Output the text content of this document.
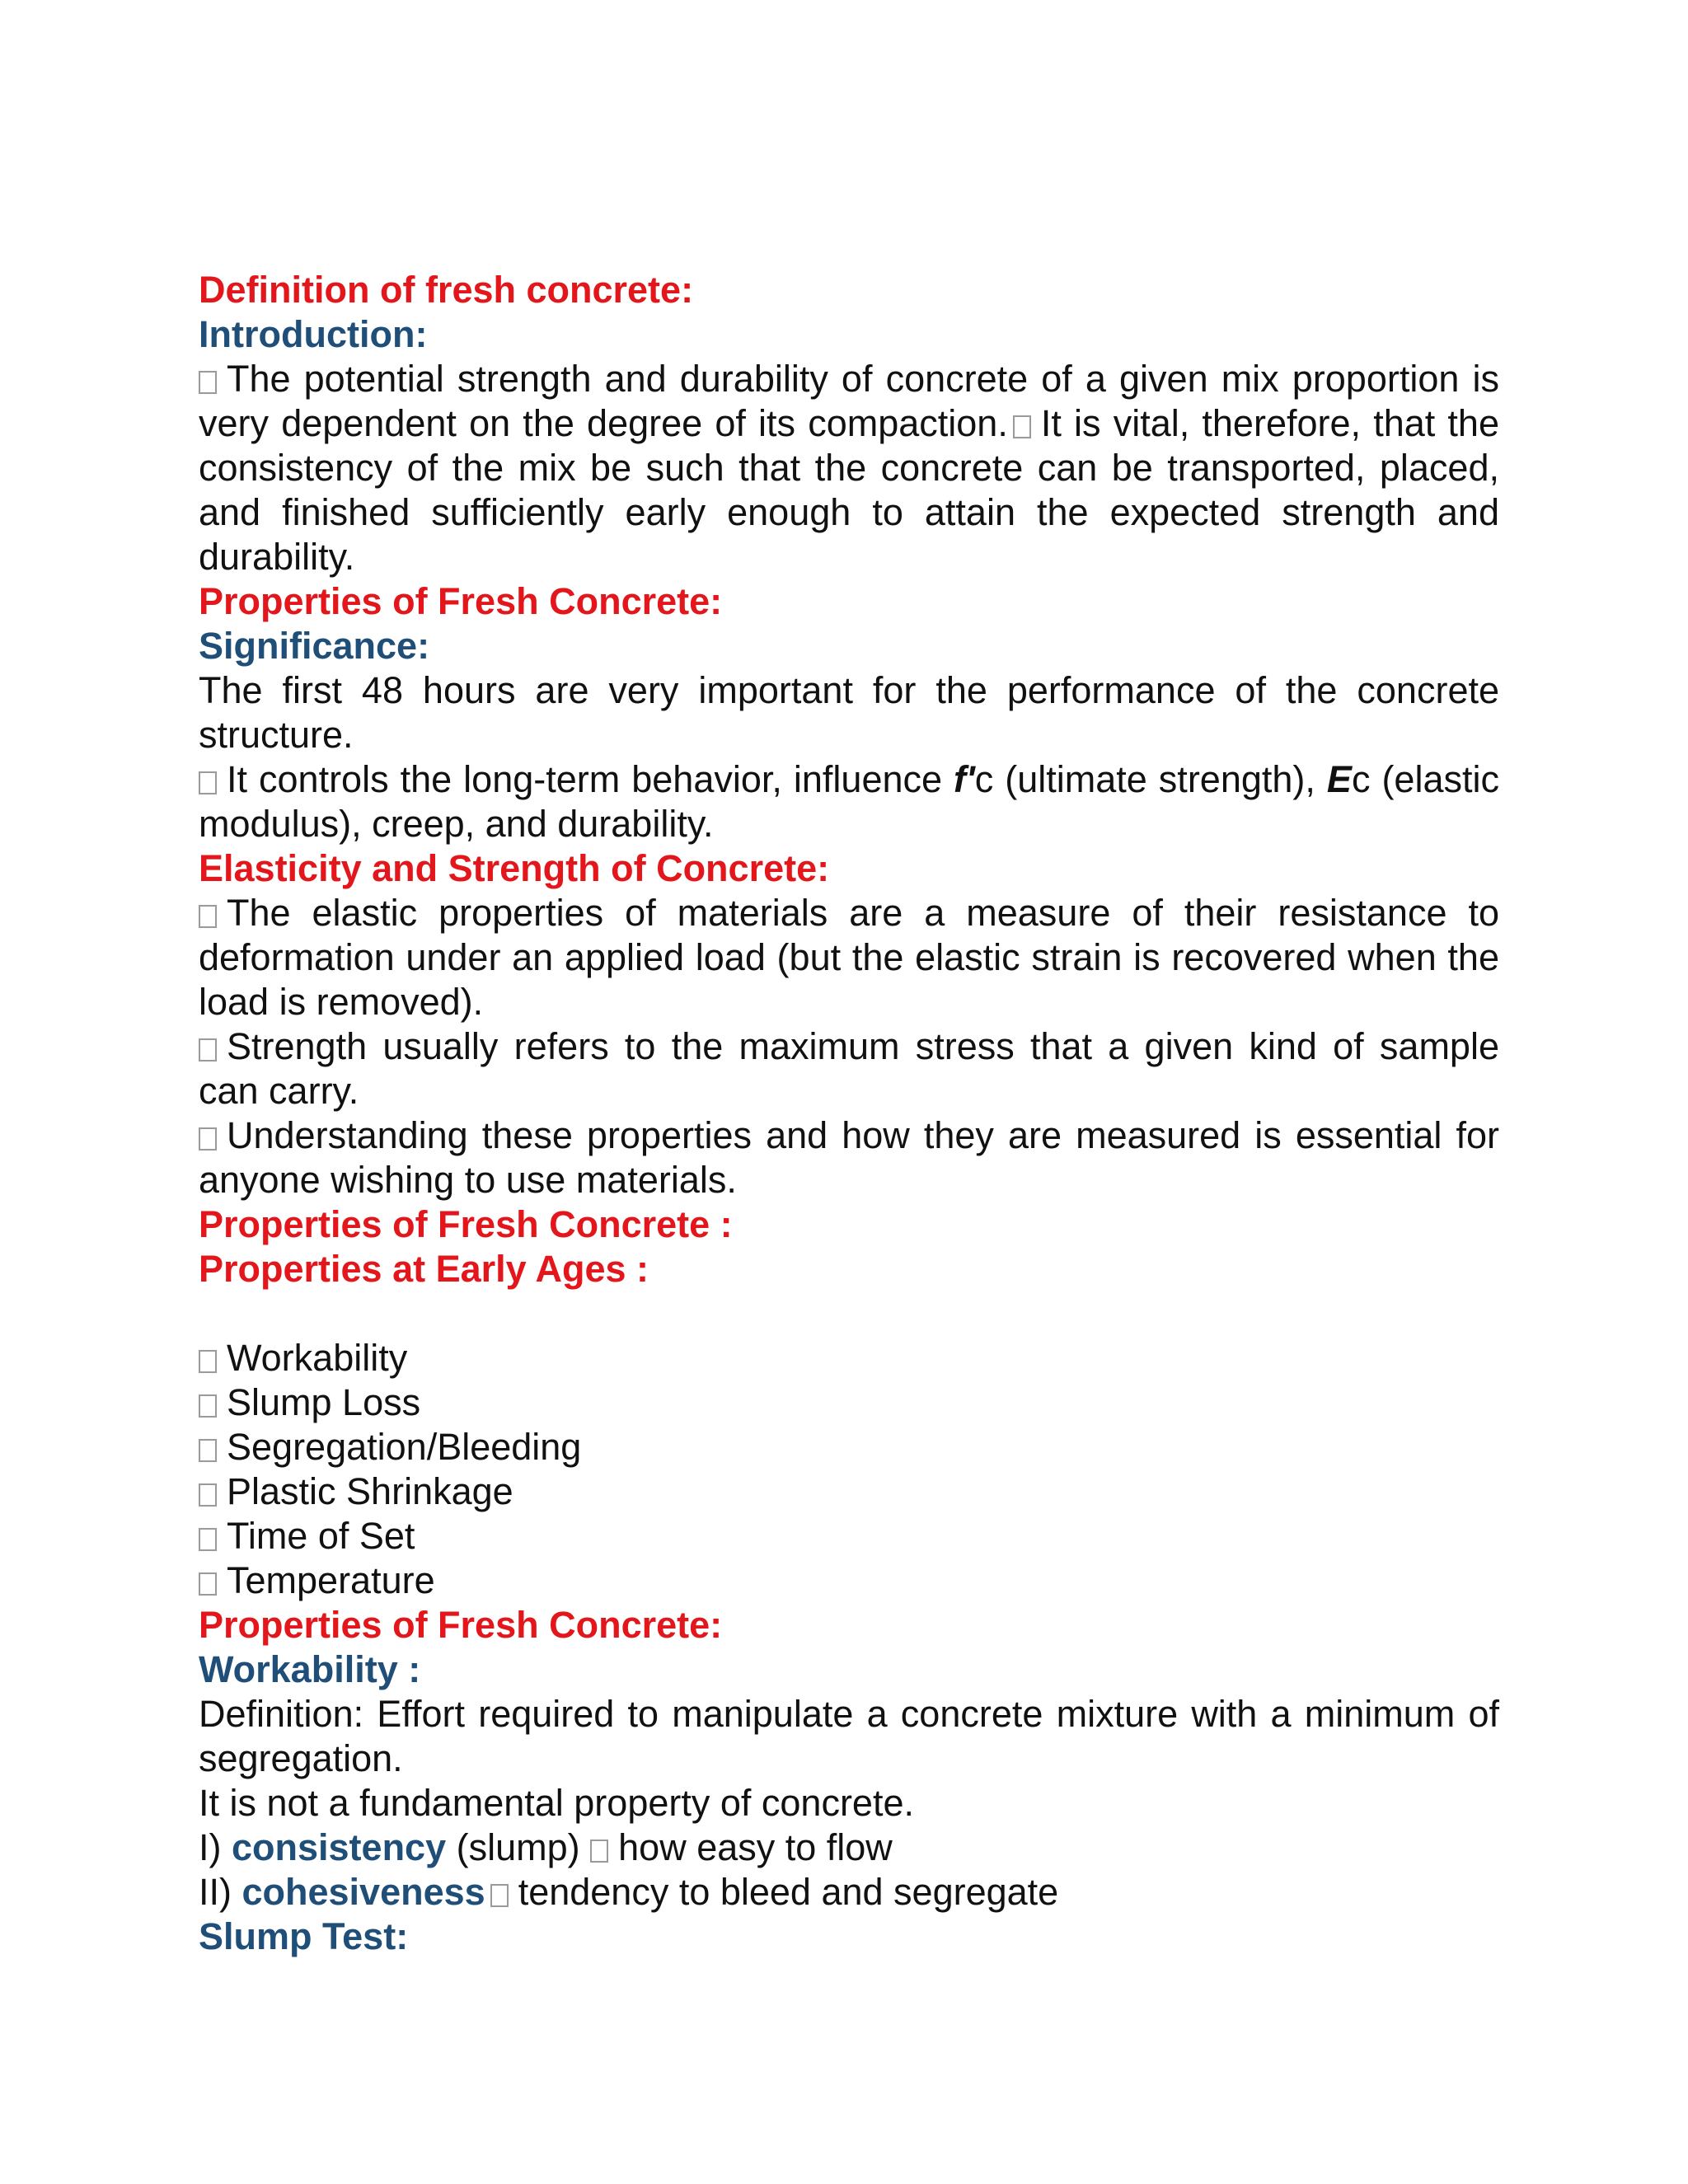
Definition of fresh concrete:
Introduction:
The potential strength and durability of concrete of a given mix proportion is very dependent on the degree of its compaction. It is vital, therefore, that the consistency of the mix be such that the concrete can be transported, placed, and finished sufficiently early enough to attain the expected strength and durability.
Properties of Fresh Concrete:
Significance:
The first 48 hours are very important for the performance of the concrete structure.
It controls the long-term behavior, influence f'c (ultimate strength), Ec (elastic modulus), creep, and durability.
Elasticity and Strength of Concrete:
The elastic properties of materials are a measure of their resistance to deformation under an applied load (but the elastic strain is recovered when the load is removed).
Strength usually refers to the maximum stress that a given kind of sample can carry.
Understanding these properties and how they are measured is essential for anyone wishing to use materials.
Properties of Fresh Concrete :
Properties at Early Ages :
Workability
Slump Loss
Segregation/Bleeding
Plastic Shrinkage
Time of Set
Temperature
Properties of Fresh Concrete:
Workability :
Definition: Effort required to manipulate a concrete mixture with a minimum of segregation.
It is not a fundamental property of concrete.
I) consistency (slump) how easy to flow
II) cohesiveness tendency to bleed and segregate
Slump Test:
